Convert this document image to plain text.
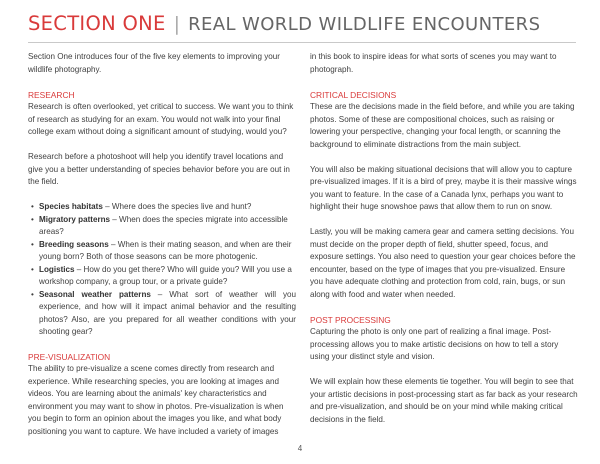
SECTION ONE | REAL WORLD WILDLIFE ENCOUNTERS

Section One introduces four of the five key elements to improving your wildlife photography.

RESEARCH

Research is often overlooked, yet critical to success. We want you to think of research as studying for an exam. You would not walk into your final college exam without doing a significant amount of studying, would you?

Research before a photoshoot will help you identify travel locations and give you a better understanding of species behavior before you are out in the field.

• Species habitats – Where does the species live and hunt?
• Migratory patterns – When does the species migrate into accessible areas?
• Breeding seasons – When is their mating season, and when are their young born? Both of those seasons can be more photogenic.
• Logistics – How do you get there? Who will guide you? Will you use a workshop company, a group tour, or a private guide?
• Seasonal weather patterns – What sort of weather will you experience, and how will it impact animal behavior and the resulting photos? Also, are you prepared for all weather conditions with your shooting gear?
PRE-VISUALIZATION

The ability to pre-visualize a scene comes directly from research and experience. While researching species, you are looking at images and videos. You are learning about the animals' key characteristics and environment you may want to show in photos. Pre-visualization is when you begin to form an opinion about the images you like, and what body positioning you want to capture. We have included a variety of images

in this book to inspire ideas for what sorts of scenes you may want to photograph.

CRITICAL DECISIONS

These are the decisions made in the field before, and while you are taking photos. Some of these are compositional choices, such as raising or lowering your perspective, changing your focal length, or scanning the background to eliminate distractions from the main subject.

You will also be making situational decisions that will allow you to capture pre-visualized images. If it is a bird of prey, maybe it is their massive wings you want to feature. In the case of a Canada lynx, perhaps you want to highlight their huge snowshoe paws that allow them to run on snow.

Lastly, you will be making camera gear and camera setting decisions. You must decide on the proper depth of field, shutter speed, focus, and exposure settings. You also need to question your gear choices before the encounter, based on the type of images that you pre-visualized. Ensure you have adequate clothing and protection from cold, rain, bugs, or sun along with food and water when needed.

POST PROCESSING

Capturing the photo is only one part of realizing a final image. Post-processing allows you to make artistic decisions on how to tell a story using your distinct style and vision.

We will explain how these elements tie together. You will begin to see that your artistic decisions in post-processing start as far back as your research and pre-visualization, and should be on your mind while making critical decisions in the field.

4
